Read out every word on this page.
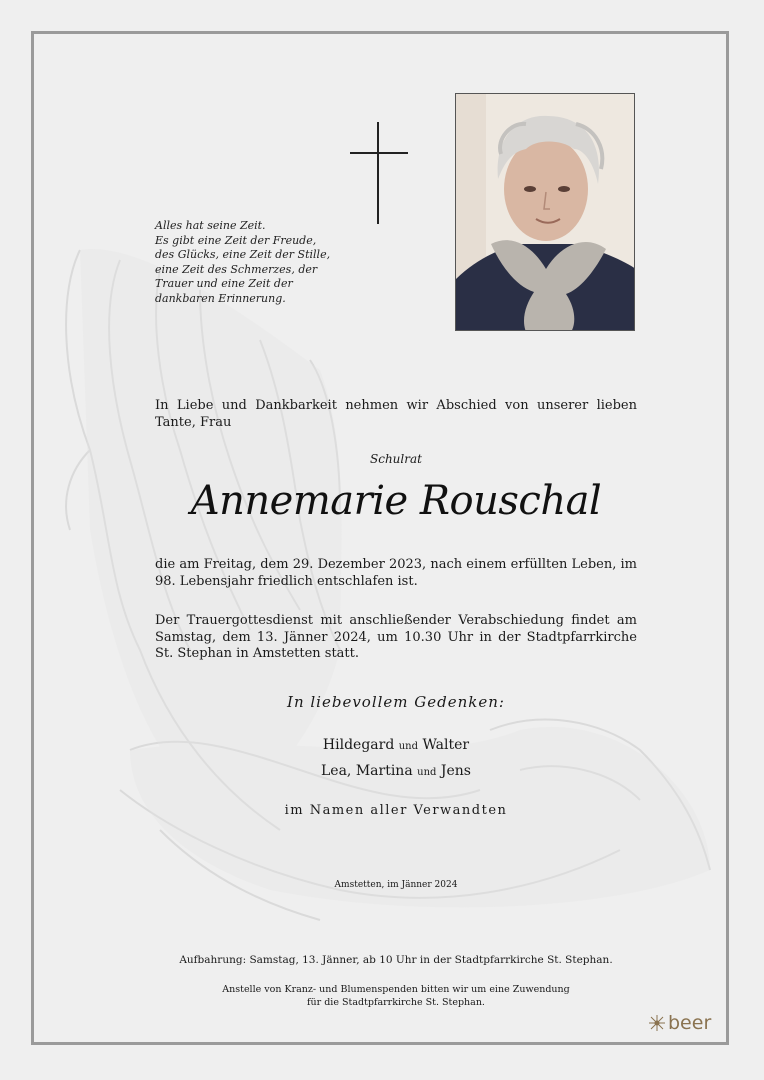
Alles hat seine Zeit.
Es gibt eine Zeit der Freude,
des Glücks, eine Zeit der Stille,
eine Zeit des Schmerzes, der
Trauer und eine Zeit der
dankbaren Erinnerung.
In Liebe und Dankbarkeit nehmen wir Abschied von unserer lieben Tante, Frau
Schulrat
Annemarie Rouschal
die am Freitag, dem 29. Dezember 2023, nach einem erfüllten Leben, im 98. Lebensjahr friedlich entschlafen ist.
Der Trauergottesdienst mit anschließender Verabschiedung findet am Samstag, dem 13. Jänner 2024, um 10.30 Uhr in der Stadtpfarrkirche St. Stephan in Amstetten statt.
In liebevollem Gedenken:
Hildegard und Walter
Lea, Martina und Jens
im Namen aller Verwandten
Amstetten, im Jänner 2024
Aufbahrung: Samstag, 13. Jänner, ab 10 Uhr in der Stadtpfarrkirche St. Stephan.
Anstelle von Kranz- und Blumenspenden bitten wir um eine Zuwendung
für die Stadtpfarrkirche St. Stephan.
beer
